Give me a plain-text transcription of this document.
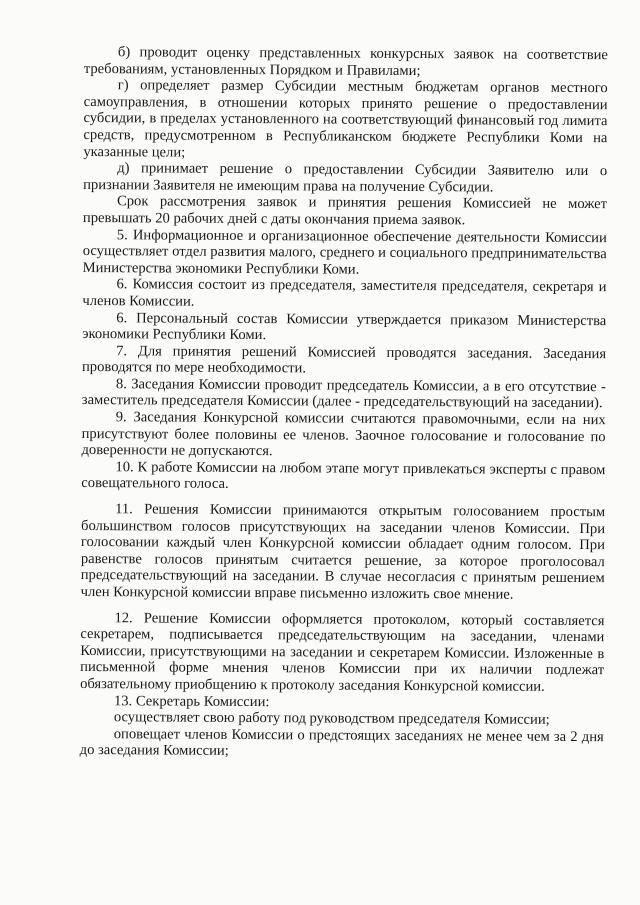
б) проводит оценку представленных конкурсных заявок на соответствие требованиям, установленных Порядком и Правилами;

г) определяет размер Субсидии местным бюджетам органов местного самоуправления, в отношении которых принято решение о предоставлении субсидии, в пределах установленного на соответствующий финансовый год лимита средств, предусмотренном в Республиканском бюджете Республики Коми на указанные цели;

д) принимает решение о предоставлении Субсидии Заявителю или о признании Заявителя не имеющим права на получение Субсидии.

Срок рассмотрения заявок и принятия решения Комиссией не может превышать 20 рабочих дней с даты окончания приема заявок.

5. Информационное и организационное обеспечение деятельности Комиссии осуществляет отдел развития малого, среднего и социального предпринимательства Министерства экономики Республики Коми.

6. Комиссия состоит из председателя, заместителя председателя, секретаря и членов Комиссии.

6. Персональный состав Комиссии утверждается приказом Министерства экономики Республики Коми.

7. Для принятия решений Комиссией проводятся заседания. Заседания проводятся по мере необходимости.

8. Заседания Комиссии проводит председатель Комиссии, а в его отсутствие - заместитель председателя Комиссии (далее - председательствующий на заседании).

9. Заседания Конкурсной комиссии считаются правомочными, если на них присутствуют более половины ее членов. Заочное голосование и голосование по доверенности не допускаются.

10. К работе Комиссии на любом этапе могут привлекаться эксперты с правом совещательного голоса.

11. Решения Комиссии принимаются открытым голосованием простым большинством голосов присутствующих на заседании членов Комиссии. При голосовании каждый член Конкурсной комиссии обладает одним голосом. При равенстве голосов принятым считается решение, за которое проголосовал председательствующий на заседании. В случае несогласия с принятым решением член Конкурсной комиссии вправе письменно изложить свое мнение.

12. Решение Комиссии оформляется протоколом, который составляется секретарем, подписывается председательствующим на заседании, членами Комиссии, присутствующими на заседании и секретарем Комиссии. Изложенные в письменной форме мнения членов Комиссии при их наличии подлежат обязательному приобщению к протоколу заседания Конкурсной комиссии.

13. Секретарь Комиссии:

осуществляет свою работу под руководством председателя Комиссии;

оповещает членов Комиссии о предстоящих заседаниях не менее чем за 2 дня до заседания Комиссии;
